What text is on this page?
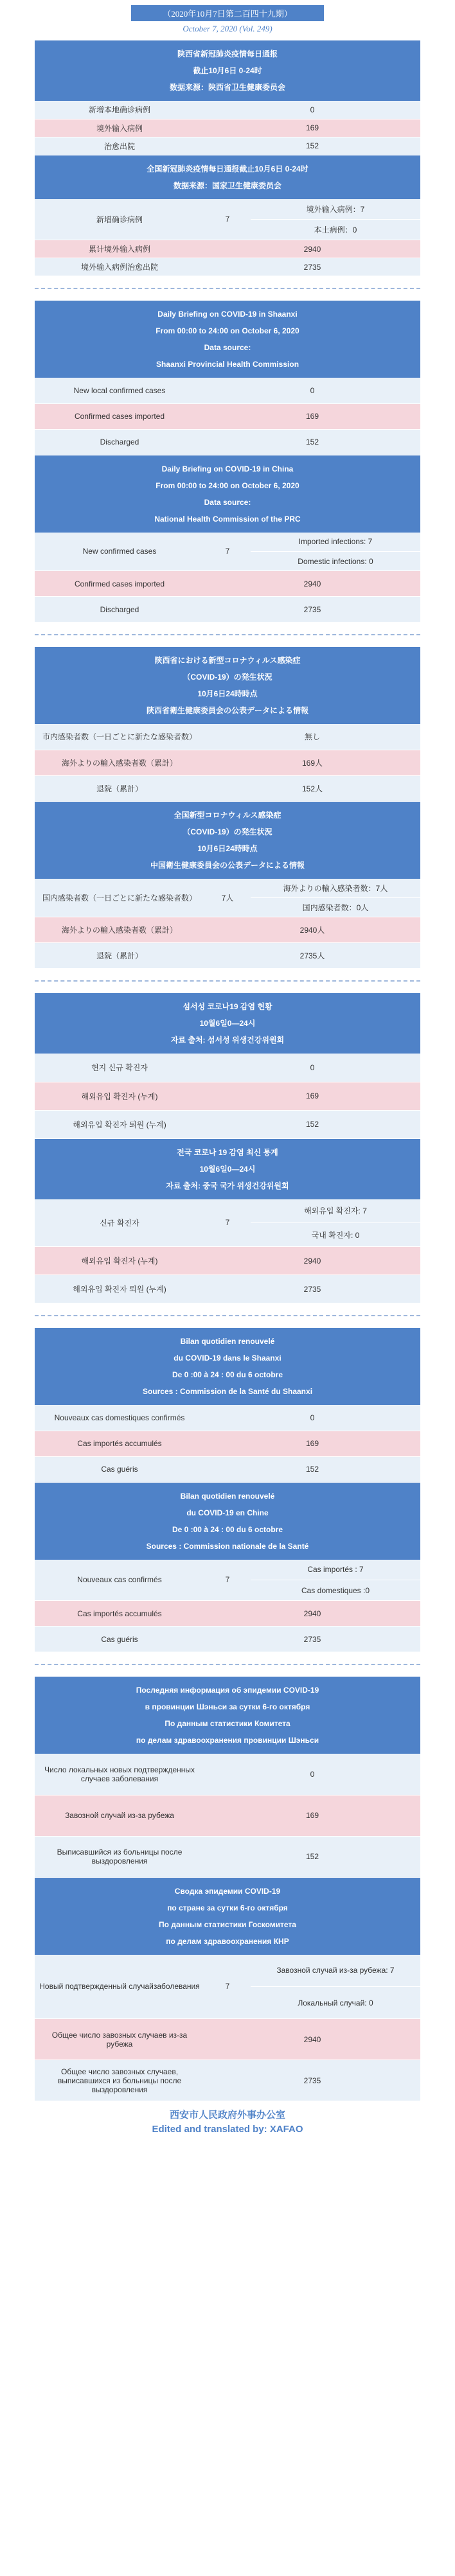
（2020年10月7日第二百四十九期）
October 7, 2020 (Vol. 249)
陕西省新冠肺炎疫情每日通报
截止10月6日 0-24时
数据来源：陕西省卫生健康委员会
新增本地确诊病例	0
境外输入病例	169
治愈出院	152
全国新冠肺炎疫情每日通报截止10月6日 0-24时
数据来源：国家卫生健康委员会
新增确诊病例	7	境外输入病例：7
		本土病例：0
累计境外输入病例	2940	
境外输入病例治愈出院	2735	
Daily Briefing on COVID-19 in Shaanxi
From 00:00 to 24:00 on October 6, 2020
Data source:
Shaanxi Provincial Health Commission
New local confirmed cases	0
Confirmed cases imported	169
Discharged	152
Daily Briefing on COVID-19 in China
From 00:00 to 24:00 on October 6, 2020
Data source:
National Health Commission of the PRC
New confirmed cases	7	Imported infections: 7
		Domestic infections: 0
Confirmed cases imported	2940	
Discharged	2735	
陝西省における新型コロナウィルス感染症
（COVID-19）の発生状況
10月6日24時時点
陝西省衛生健康委員会の公表データによる情報
市内感染者数（一日ごとに新たな感染者数）	無し
海外よりの輸入感染者数（累計）	169人
退院（累計）	152人
全国新型コロナウィルス感染症
（COVID-19）の発生状況
10月6日24時時点
中国衛生健康委員会の公表データによる情報
国内感染者数（一日ごとに新たな感染者数）	7人	海外よりの輸入感染者数：7人
		国内感染者数：0人
海外よりの輸入感染者数（累計）	2940人	
退院（累計）	2735人	
섬서성 코로나19 감염 현황
10월6일0—24시
자료 출처: 섬서성 위생건강위원회
현지 신규 확진자	0
해외유입 확진자 (누계)	169
해외유입 확진자 퇴원 (누계)	152
전국 코로나 19 감염 최신 통계
10월6일0—24시
자료 출처: 중국 국가 위생건강위원회
신규 확진자	7	해외유입 확진자: 7
		국내 확진자: 0
해외유입 확진자 (누계)	2940	
해외유입 확진자 퇴원 (누계)	2735	
Bilan quotidien renouvelé
du COVID-19 dans le Shaanxi
De 0 :00 à 24 : 00 du 6 octobre
Sources : Commission de la Santé du Shaanxi
Nouveaux cas domestiques confirmés	0
Cas importés accumulés	169
Cas guéris	152
Bilan quotidien renouvelé
du COVID-19 en Chine
De 0 :00 à 24 : 00 du 6 octobre
Sources : Commission nationale de la Santé
Nouveaux cas confirmés	7	Cas importés : 7
		Cas domestiques :0
Cas importés accumulés	2940	
Cas guéris	2735	
Последняя информация об эпидемии COVID-19
в провинции Шэньси за сутки 6-го октября
По данным статистики Комитета
по делам здравоохранения провинции Шэньси
Число локальных новых подтвержденных случаев заболевания	0
Завозной случай из-за рубежа	169
Выписавшийся из больницы после выздоровления	152
Сводка эпидемии COVID-19
по стране за сутки 6-го октября
По данным статистики Госкомитета
по делам здравоохранения КНР
Новый подтвержденный случайзаболевания	7	Завозной случай из-за рубежа: 7
		Локальный случай: 0
Общее число завозных случаев из-за рубежа	2940	
Общее число завозных случаев, выписавшихся из больницы после выздоровления	2735	
西安市人民政府外事办公室
Edited and translated by: XAFAO
